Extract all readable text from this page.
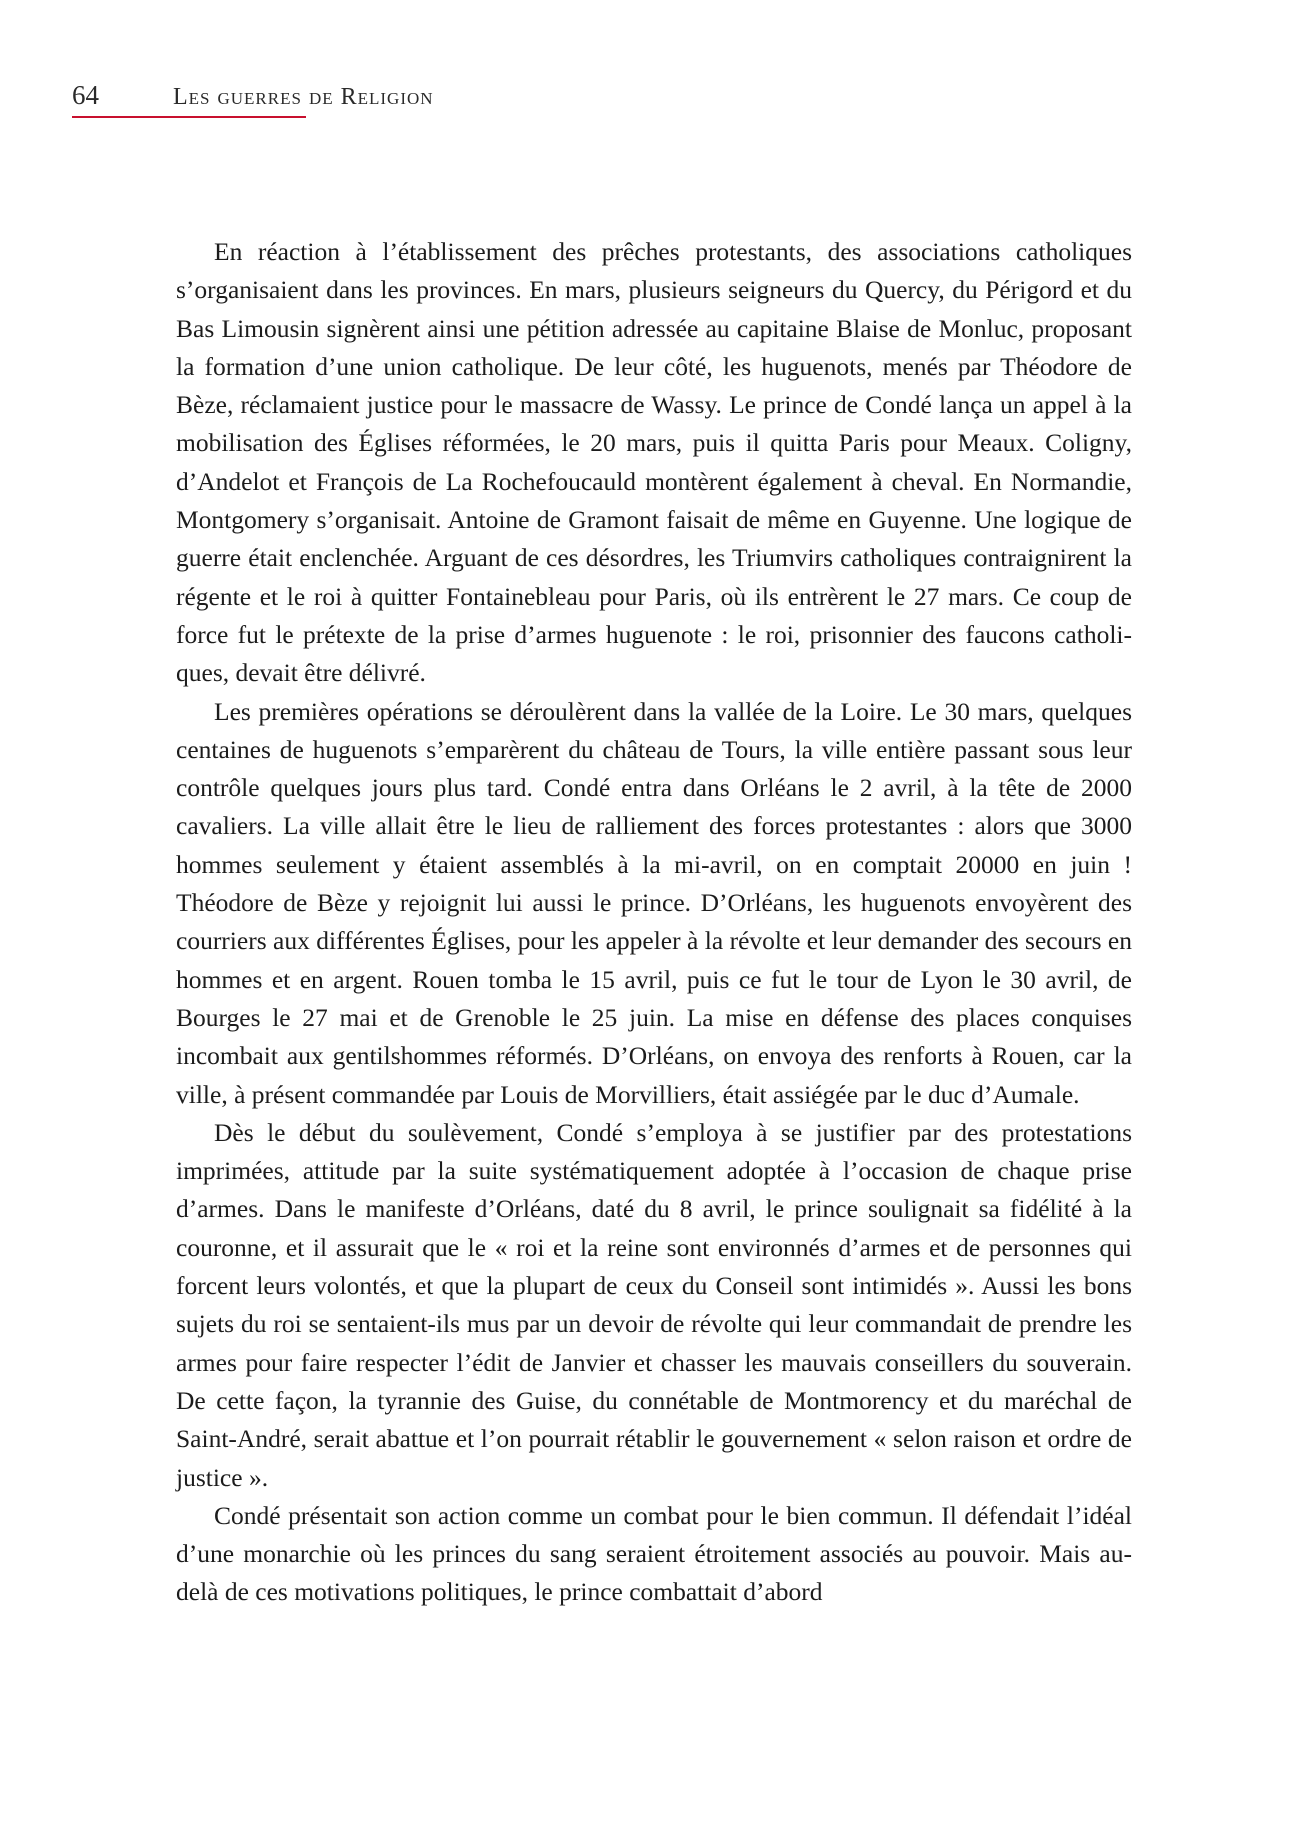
64	Les guerres de Religion

En réaction à l’établissement des prêches protestants, des associations catholiques s’organisaient dans les provinces. En mars, plusieurs seigneurs du Quercy, du Périgord et du Bas Limousin signèrent ainsi une pétition adressée au capitaine Blaise de Monluc, proposant la formation d’une union catholique. De leur côté, les huguenots, menés par Théodore de Bèze, réclamaient justice pour le massacre de Wassy. Le prince de Condé lança un appel à la mobilisation des Églises réformées, le 20 mars, puis il quitta Paris pour Meaux. Coligny, d’Andelot et François de La Rochefoucauld montèrent également à cheval. En Normandie, Montgomery s’organisait. Antoine de Gramont faisait de même en Guyenne. Une logique de guerre était enclenchée. Arguant de ces désordres, les Triumvirs catholiques contraignirent la régente et le roi à quitter Fontainebleau pour Paris, où ils entrèrent le 27 mars. Ce coup de force fut le prétexte de la prise d’armes huguenote : le roi, prisonnier des faucons catholiques, devait être délivré.

Les premières opérations se déroulèrent dans la vallée de la Loire. Le 30 mars, quelques centaines de huguenots s’emparèrent du château de Tours, la ville entière passant sous leur contrôle quelques jours plus tard. Condé entra dans Orléans le 2 avril, à la tête de 2000 cavaliers. La ville allait être le lieu de ralliement des forces protestantes : alors que 3000 hommes seulement y étaient assemblés à la mi-avril, on en comptait 20000 en juin ! Théodore de Bèze y rejoignit lui aussi le prince. D’Orléans, les huguenots envoyèrent des courriers aux différentes Églises, pour les appeler à la révolte et leur demander des secours en hommes et en argent. Rouen tomba le 15 avril, puis ce fut le tour de Lyon le 30 avril, de Bourges le 27 mai et de Grenoble le 25 juin. La mise en défense des places conquises incombait aux gentilshommes réformés. D’Orléans, on envoya des renforts à Rouen, car la ville, à présent commandée par Louis de Morvilliers, était assiégée par le duc d’Aumale.

Dès le début du soulèvement, Condé s’employa à se justifier par des protestations imprimées, attitude par la suite systématiquement adoptée à l’occasion de chaque prise d’armes. Dans le manifeste d’Orléans, daté du 8 avril, le prince soulignait sa fidélité à la couronne, et il assurait que le « roi et la reine sont environnés d’armes et de personnes qui forcent leurs volontés, et que la plupart de ceux du Conseil sont intimidés ». Aussi les bons sujets du roi se sentaient-ils mus par un devoir de révolte qui leur commandait de prendre les armes pour faire respecter l’édit de Janvier et chasser les mauvais conseillers du souverain. De cette façon, la tyrannie des Guise, du connétable de Montmorency et du maréchal de Saint-André, serait abattue et l’on pourrait rétablir le gouvernement « selon raison et ordre de justice ».

Condé présentait son action comme un combat pour le bien commun. Il défendait l’idéal d’une monarchie où les princes du sang seraient étroitement associés au pouvoir. Mais au-delà de ces motivations politiques, le prince combattait d’abord
